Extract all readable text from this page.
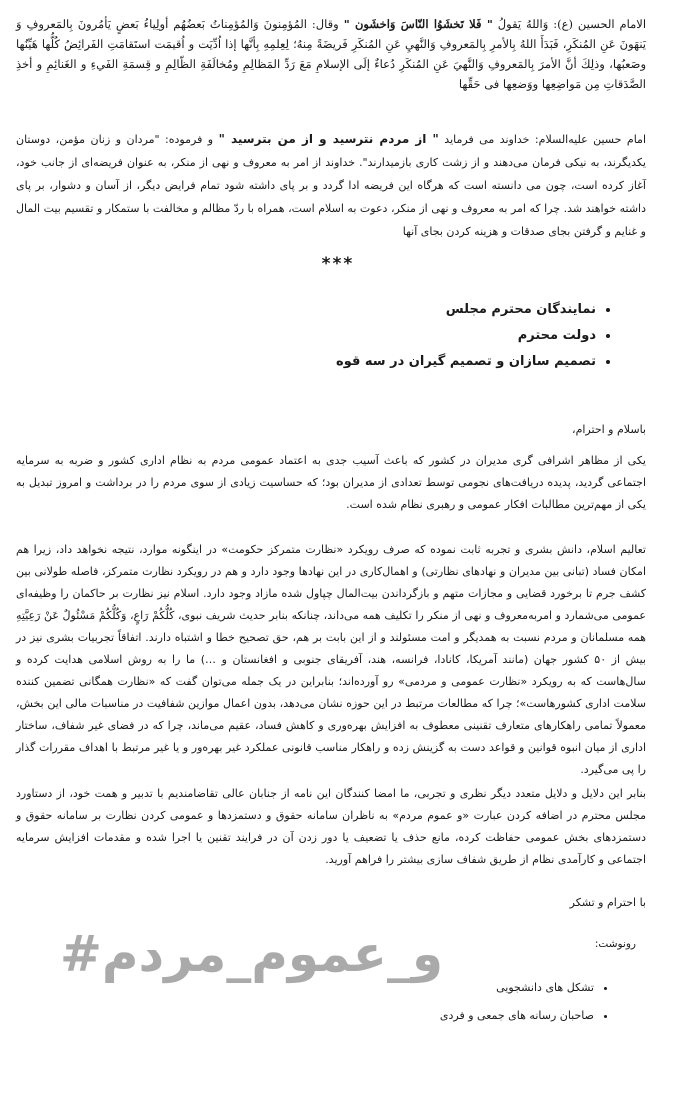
الامام الحسين (ع): وَاللهُ يَقولُ " فَلا تَخشَوُا النّاسَ وَاخشَون " وقال: المُؤمِنونَ وَالمُؤمِناتُ بَعضُهُم أولِياءُ بَعضٍ يَأمُرونَ بِالمَعروفِ وَ يَنهَونَ عَنِ المُنكَرِ، فَبَدَأَ اللهُ بِالأمرِ بِالمَعروفِ وَالنَّهيِ عَنِ المُنكَرِ فَريضَةً مِنهُ؛ لِعِلمِهِ بِأنَّها إذا اُدِّيَت و اُقيمَت استَقامَتِ الفَرائِضُ كُلُّها هَيِّنُها وصَعبُها، وذلِكَ أنَّ الأمرَ بِالمَعروفِ وَالنَّهيَ عَنِ المُنكَرِ دُعاءٌ إلَى الإسلامِ مَعَ رَدِّ المَظالِمِ ومُخالَفَةِ الظّالِمِ و قِسمَةِ الفَيءِ و الغَنائِمِ و أخذِ الصَّدَقاتِ مِن مَواضِعِها ووَضعِها فى حَقِّها
امام حسین علیه‌السلام: خداوند می فرماید " از مردم نترسید و از من بترسید " و فرموده: "مردان و زنان مؤمن، دوستان یکدیگرند، به نیکی فرمان می‌دهند و از زشت کاری بازمیدارند". خداوند از امر به معروف و نهی از منکر، به عنوان فریضه‌ای از جانب خود، آغاز کرده است، چون می دانسته است که هرگاه این فریضه ادا گردد و بر پای داشته شود تمام فرایض دیگر، از آسان و دشوار، بر پای داشته خواهند شد. چرا که امر به معروف و نهی از منکر، دعوت به اسلام است، همراه با ردّ مظالم و مخالفت با ستمکار و تقسیم بیت المال و غنایم و گرفتن بجای صدقات و هزینه کردن بجای آنها
***
• نمایندگان محترم مجلس
• دولت محترم
• تصمیم سازان و تصمیم گیران در سه قوه
باسلام و احترام،
یکی از مظاهر اشرافی گری مدیران در کشور که باعث آسیب جدی به اعتماد عمومی مردم به نظام اداری کشور و ضربه به سرمایه اجتماعی گردید، پدیده دریافت‌های نجومی توسط تعدادی از مدیران بود؛ که حساسیت زیادی از سوی مردم را در برداشت و امروز تبدیل به یکی از مهم‌ترین مطالبات افکار عمومی و رهبری نظام شده است.
تعالیم اسلام، دانش بشری و تجربه ثابت نموده که صرف رویکرد «نظارت متمرکز حکومت» در اینگونه موارد، نتیجه نخواهد داد، زیرا هم امکان فساد (تبانی بین مدیران و نهادهای نظارتی) و اهمال‌کاری در این نهادها وجود دارد و هم در رویکرد نظارت متمرکز، فاصله طولانی بین کشف جرم تا برخورد قضایی و مجازات متهم و بازگرداندن بیت‌المال چپاول شده مازاد وجود دارد. اسلام نیز نظارت بر حاکمان را وظیفه‌ای عمومی می‌شمارد و امربه‌معروف و نهی از منکر را تکلیف همه می‌داند، چنانکه بنابر حدیث شریف نبوی، كُلُّكُمْ رَاعٍ، وَكُلُّكُمْ مَسْئُولٌ عَنْ رَعِيَّتِهِ همه مسلمانان و مردم نسبت به همدیگر و امت مسئولند و از این بابت بر هم، حق تصحیح خطا و اشتباه دارند. اتفاقاً تجربیات بشری نیز در بیش از ۵۰ کشور جهان (مانند آمریکا، کانادا، فرانسه، هند، آفریقای جنوبی و افغانستان و …) ما را به روش اسلامی هدایت کرده و سال‌هاست که به رویکرد «نظارت عمومی و مردمی» رو آورده‌اند؛ بنابراین در یک جمله می‌توان گفت که «نظارت همگانی تضمین کننده سلامت اداری کشورهاست»؛ چرا که مطالعات مرتبط در این حوزه نشان می‌دهد، بدون اعمال موازین شفافیت در مناسبات مالی این بخش، معمولاً تمامی راهکارهای متعارف تقنینی معطوف به افزایش بهره‌وری و کاهش فساد، عقیم می‌ماند، چرا که در فضای غیر شفاف، ساختار اداری از میان انبوه قوانین و قواعد دست به گزینش زده و راهکار مناسب قانونی عملکرد غیر بهره‌ور و یا غیر مرتبط با اهداف مقررات گذار را پی می‌گیرد.
بنابر این دلایل و دلایل متعدد دیگر نظری و تجربی، ما امضا کنندگان این نامه از جنابان عالی تقاضامندیم با تدبیر و همت خود، از دستاورد مجلس محترم در اضافه کردن عبارت «و عموم مردم» به ناظران سامانه حقوق و دستمزدها و عمومی کردن نظارت بر سامانه حقوق و دستمزدهای بخش عمومی حفاظت کرده، مانع حذف یا تضعیف یا دور زدن آن در فرایند تقنین یا اجرا شده و مقدمات افزایش سرمایه اجتماعی و کارآمدی نظام از طریق شفاف سازی بیشتر را فراهم آورید.
با احترام و تشکر
رونوشت:
• تشکل های دانشجویی
• صاحبان رسانه های جمعی و فردی
#و_عموم_مردم
